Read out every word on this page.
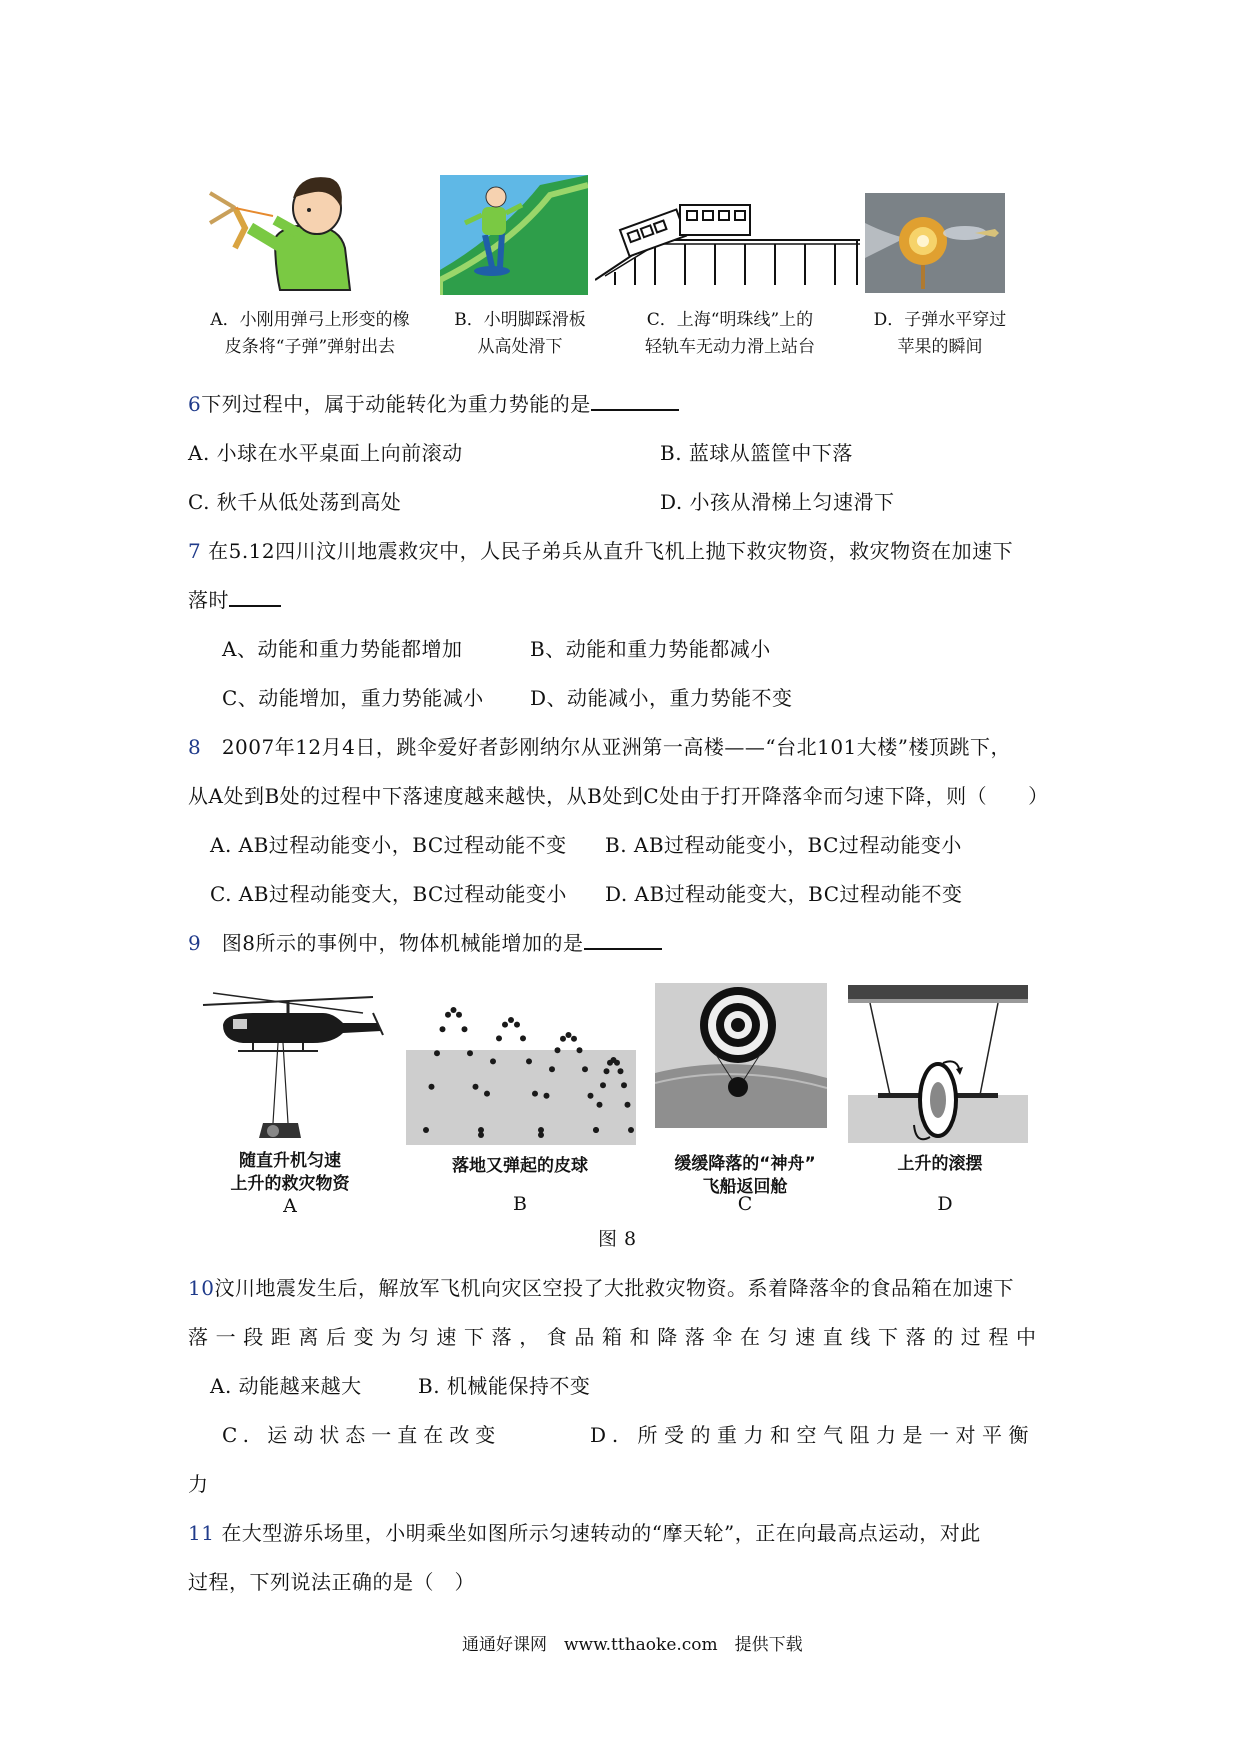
A．小刚用弹弓上形变的橡
皮条将“子弹”弹射出去
B．小明脚踩滑板
从高处滑下
C．上海“明珠线”上的
轻轨车无动力滑上站台
D．子弹水平穿过
苹果的瞬间
6下列过程中，属于动能转化为重力势能的是
A. 小球在水平桌面上向前滚动	B. 蓝球从篮筐中下落
C. 秋千从低处荡到高处	D. 小孩从滑梯上匀速滑下
7 在5.12四川汶川地震救灾中，人民子弟兵从直升飞机上抛下救灾物资，救灾物资在加速下
落时
A、动能和重力势能都增加	B、动能和重力势能都减小
C、动能增加，重力势能减小 D、动能减小，重力势能不变
8 2007年12月4日，跳伞爱好者彭刚纳尔从亚洲第一高楼——“台北101大楼”楼顶跳下，
从A处到B处的过程中下落速度越来越快，从B处到C处由于打开降落伞而匀速下降，则（　　）
A. AB过程动能变小，BC过程动能不变 B. AB过程动能变小，BC过程动能变小
C. AB过程动能变大，BC过程动能变小 D. AB过程动能变大，BC过程动能不变
9 图8所示的事例中，物体机械能增加的是
随直升机匀速
上升的救灾物资
A
落地又弹起的皮球
B
缓缓降落的“神舟”
飞船返回舱
C
上升的滚摆
D
图 8
10汶川地震发生后，解放军飞机向灾区空投了大批救灾物资。系着降落伞的食品箱在加速下
落一段距离后变为匀速下落，食品箱和降落伞在匀速直线下落的过程中
A. 动能越来越大	B. 机械能保持不变
C. 运动状态一直在改变	D. 所受的重力和空气阻力是一对平衡
力
11 在大型游乐场里，小明乘坐如图所示匀速转动的“摩天轮”，正在向最高点运动，对此
过程，下列说法正确的是（　）
通通好课网　www.tthaoke.com　提供下载
